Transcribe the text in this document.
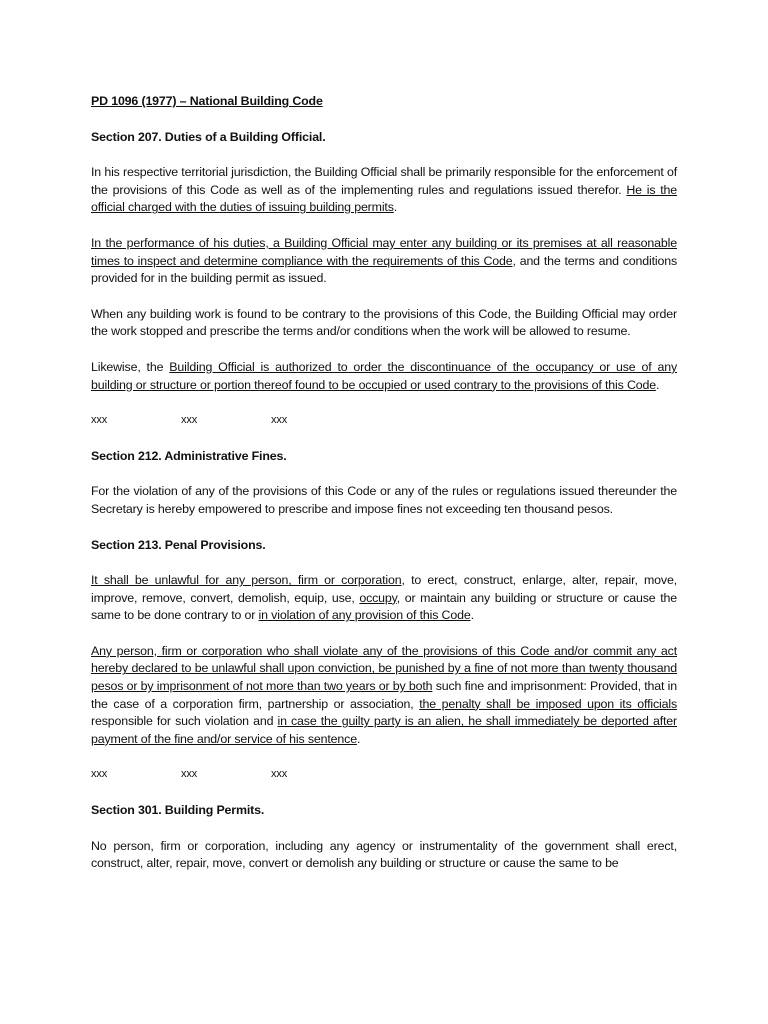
PD 1096 (1977) – National Building Code
Section 207. Duties of a Building Official.

In his respective territorial jurisdiction, the Building Official shall be primarily responsible for the enforcement of the provisions of this Code as well as of the implementing rules and regulations issued therefor. He is the official charged with the duties of issuing building permits.

In the performance of his duties, a Building Official may enter any building or its premises at all reasonable times to inspect and determine compliance with the requirements of this Code, and the terms and conditions provided for in the building permit as issued.

When any building work is found to be contrary to the provisions of this Code, the Building Official may order the work stopped and prescribe the terms and/or conditions when the work will be allowed to resume.

Likewise, the Building Official is authorized to order the discontinuance of the occupancy or use of any building or structure or portion thereof found to be occupied or used contrary to the provisions of this Code.

xxx	xxx	xxx
Section 212. Administrative Fines.

For the violation of any of the provisions of this Code or any of the rules or regulations issued thereunder the Secretary is hereby empowered to prescribe and impose fines not exceeding ten thousand pesos.

Section 213. Penal Provisions.

It shall be unlawful for any person, firm or corporation, to erect, construct, enlarge, alter, repair, move, improve, remove, convert, demolish, equip, use, occupy, or maintain any building or structure or cause the same to be done contrary to or in violation of any provision of this Code.

Any person, firm or corporation who shall violate any of the provisions of this Code and/or commit any act hereby declared to be unlawful shall upon conviction, be punished by a fine of not more than twenty thousand pesos or by imprisonment of not more than two years or by both such fine and imprisonment: Provided, that in the case of a corporation firm, partnership or association, the penalty shall be imposed upon its officials responsible for such violation and in case the guilty party is an alien, he shall immediately be deported after payment of the fine and/or service of his sentence.

xxx	xxx	xxx
Section 301. Building Permits.

No person, firm or corporation, including any agency or instrumentality of the government shall erect, construct, alter, repair, move, convert or demolish any building or structure or cause the same to be
